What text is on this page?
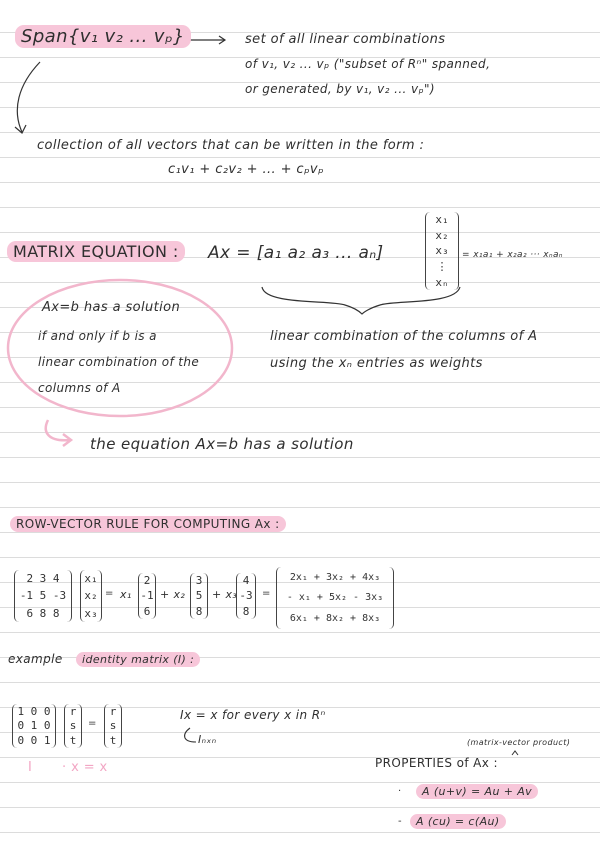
Span{v₁ v₂ ... vₚ}	set of all linear combinations
of v₁, v₂ ... vₚ ("subset of Rⁿ" spanned,
or generated, by v₁, v₂ ... vₚ")
collection of all vectors that can be written in the form :
c₁v₁ + c₂v₂ + ... + cₚvₚ
MATRIX EQUATION :	Ax = [a₁ a₂ a₃ ... aₙ]
x₁
x₂
x₃
⋮
xₙ
= x₁a₁ + x₂a₂ ··· xₙaₙ
Ax=b has a solution
if and only if b is a
linear combination of the
columns of A
linear combination of the columns of A
using the xₙ entries as weights
the equation Ax=b has a solution
ROW-VECTOR RULE FOR COMPUTING Ax :
2 3 4
-1 5 -3
6 8 8
x₁
x₂
x₃
= x₁
2
-1
6
+ x₂
3
5
8
+ x₃
4
-3
8
=
2x₁ + 3x₂ + 4x₃
- x₁ + 5x₂ - 3x₃
6x₁ + 8x₂ + 8x₃
example	identity matrix (I) :
1 0 0
0 1 0
0 0 1
r
s
t
=
r
s
t
Ix = x for every x in Rⁿ
Iₙₓₙ
I · x = x
(matrix-vector product)
PROPERTIES of Ax :
·	A (u+v) = Au + Av
-	A (cu) = c(Au)
